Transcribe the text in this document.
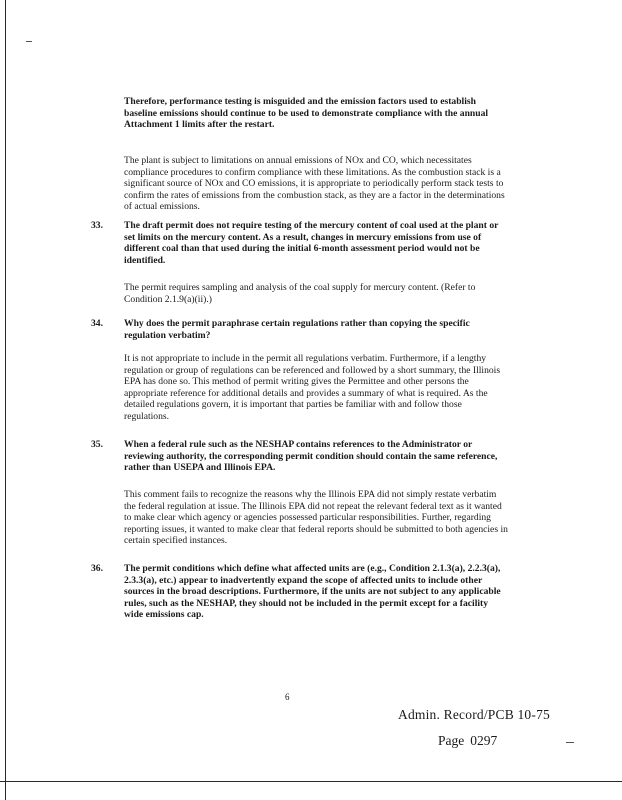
Therefore, performance testing is misguided and the emission factors used to establish baseline emissions should continue to be used to demonstrate compliance with the annual Attachment 1 limits after the restart.

The plant is subject to limitations on annual emissions of NOx and CO, which necessitates compliance procedures to confirm compliance with these limitations. As the combustion stack is a significant source of NOx and CO emissions, it is appropriate to periodically perform stack tests to confirm the rates of emissions from the combustion stack, as they are a factor in the determinations of actual emissions.

33. The draft permit does not require testing of the mercury content of coal used at the plant or set limits on the mercury content. As a result, changes in mercury emissions from use of different coal than that used during the initial 6-month assessment period would not be identified.

The permit requires sampling and analysis of the coal supply for mercury content. (Refer to Condition 2.1.9(a)(ii).)

34. Why does the permit paraphrase certain regulations rather than copying the specific regulation verbatim?

It is not appropriate to include in the permit all regulations verbatim. Furthermore, if a lengthy regulation or group of regulations can be referenced and followed by a short summary, the Illinois EPA has done so. This method of permit writing gives the Permittee and other persons the appropriate reference for additional details and provides a summary of what is required. As the detailed regulations govern, it is important that parties be familiar with and follow those regulations.

35. When a federal rule such as the NESHAP contains references to the Administrator or reviewing authority, the corresponding permit condition should contain the same reference, rather than USEPA and Illinois EPA.

This comment fails to recognize the reasons why the Illinois EPA did not simply restate verbatim the federal regulation at issue. The Illinois EPA did not repeat the relevant federal text as it wanted to make clear which agency or agencies possessed particular responsibilities. Further, regarding reporting issues, it wanted to make clear that federal reports should be submitted to both agencies in certain specified instances.

36. The permit conditions which define what affected units are (e.g., Condition 2.1.3(a), 2.2.3(a), 2.3.3(a), etc.) appear to inadvertently expand the scope of affected units to include other sources in the broad descriptions. Furthermore, if the units are not subject to any applicable rules, such as the NESHAP, they should not be included in the permit except for a facility wide emissions cap.

6
Admin. Record/PCB 10-75
Page 0297
